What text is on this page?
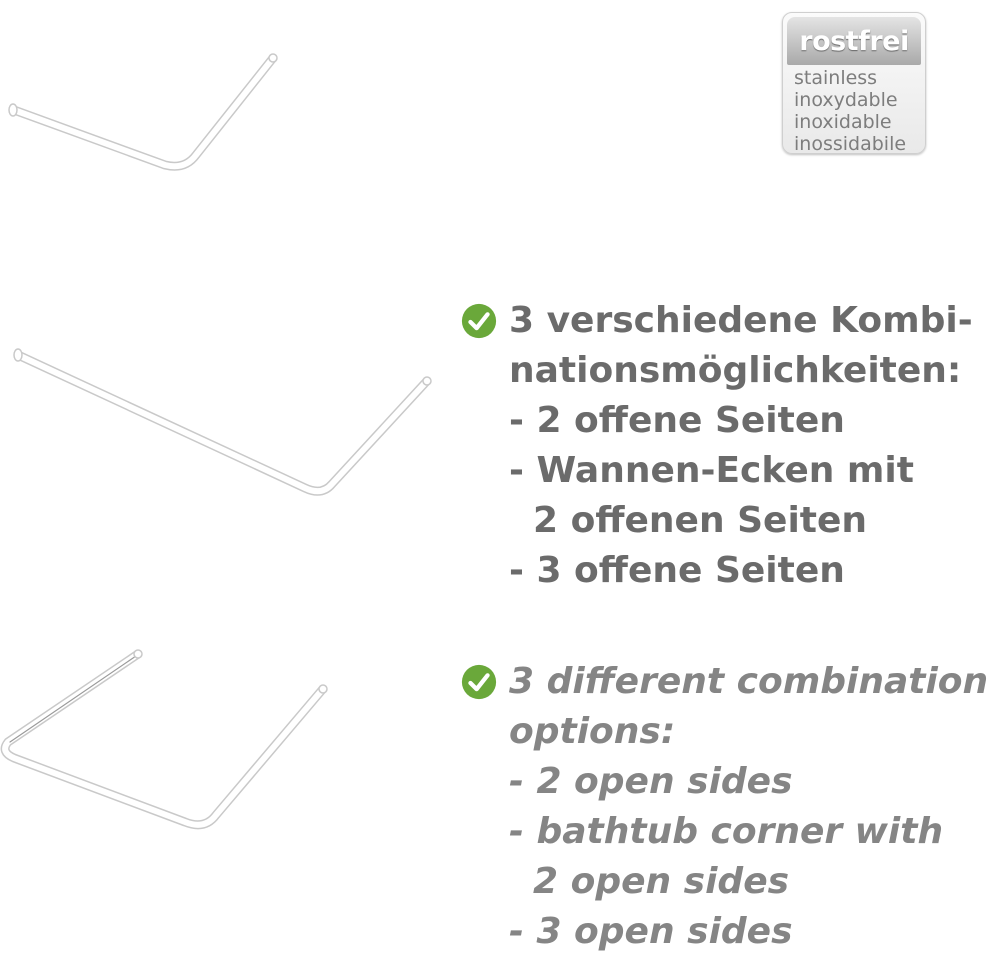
rostfrei
stainless
inoxydable
inoxidable
inossidabile
3 verschiedene Kombi-
nationsmöglichkeiten:
- 2 offene Seiten
- Wannen-Ecken mit
2 offenen Seiten
- 3 offene Seiten
3 different combination
options:
- 2 open sides
- bathtub corner with
2 open sides
- 3 open sides
